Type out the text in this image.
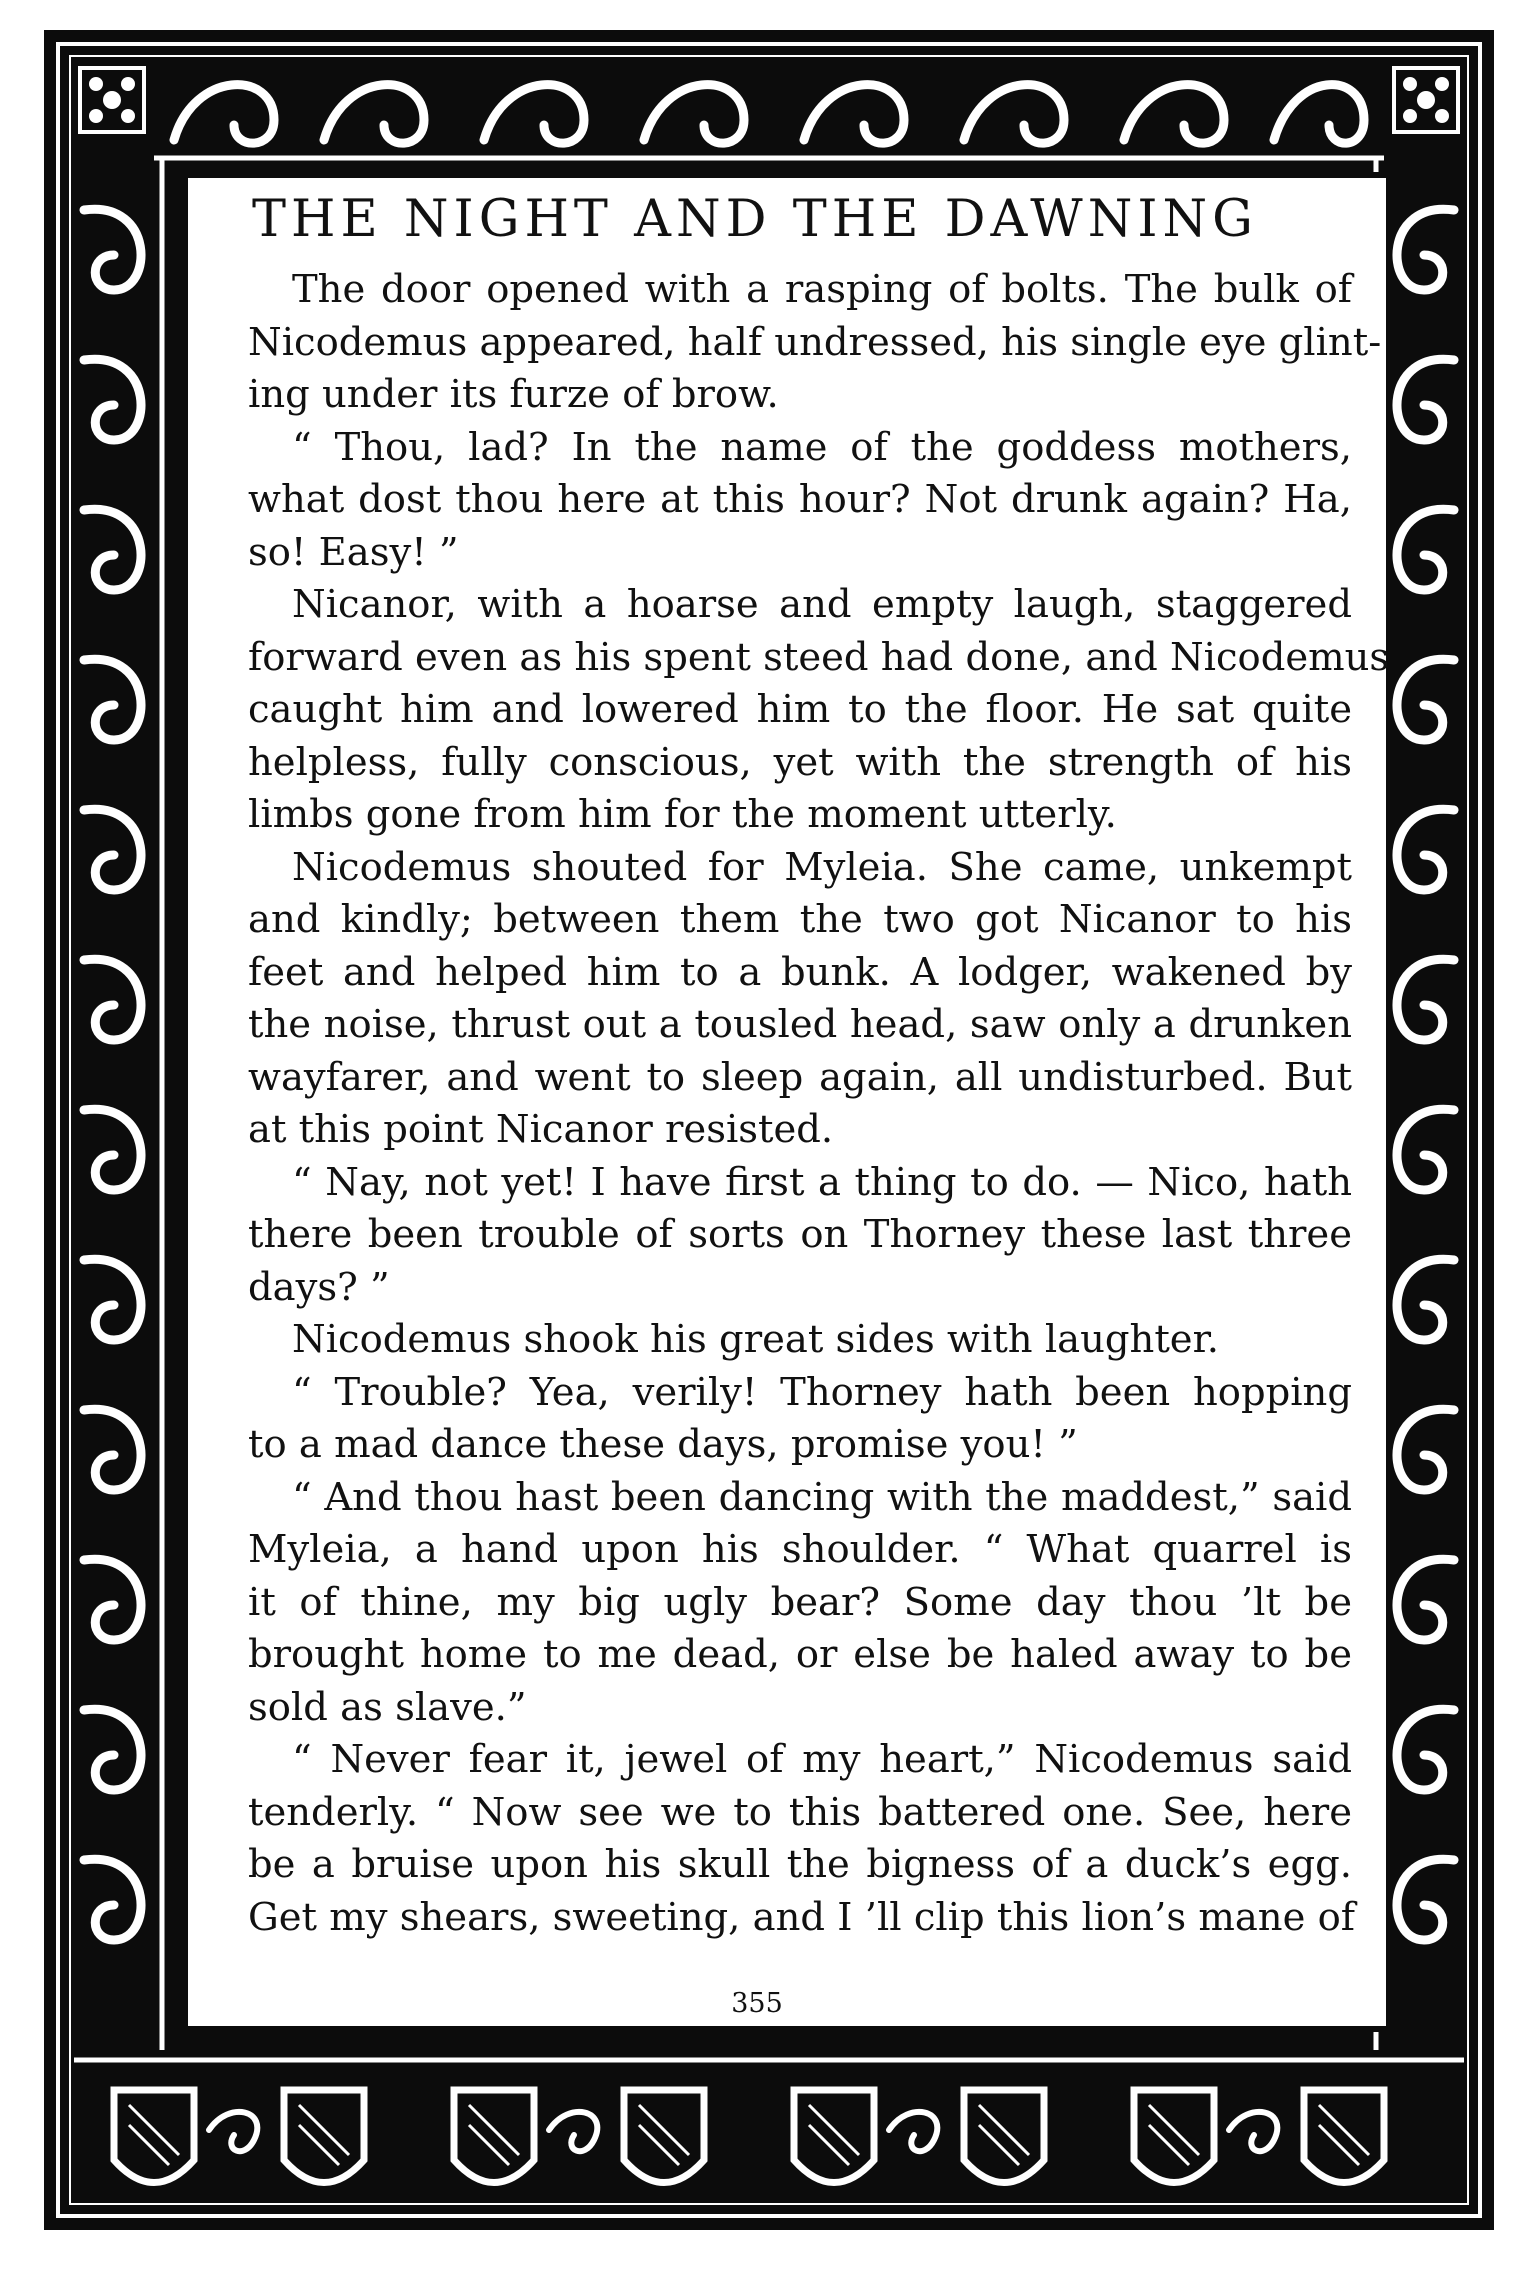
THE NIGHT AND THE DAWNING
The door opened with a rasping of bolts. The bulk of
Nicodemus appeared, half undressed, his single eye glint-
ing under its furze of brow.
“ Thou, lad? In the name of the goddess mothers,
what dost thou here at this hour? Not drunk again? Ha,
so! Easy! ”
Nicanor, with a hoarse and empty laugh, staggered
forward even as his spent steed had done, and Nicodemus
caught him and lowered him to the floor. He sat quite
helpless, fully conscious, yet with the strength of his
limbs gone from him for the moment utterly.
Nicodemus shouted for Myleia. She came, unkempt
and kindly; between them the two got Nicanor to his
feet and helped him to a bunk. A lodger, wakened by
the noise, thrust out a tousled head, saw only a drunken
wayfarer, and went to sleep again, all undisturbed. But
at this point Nicanor resisted.
“ Nay, not yet! I have first a thing to do. — Nico, hath
there been trouble of sorts on Thorney these last three
days? ”
Nicodemus shook his great sides with laughter.
“ Trouble? Yea, verily! Thorney hath been hopping
to a mad dance these days, promise you! ”
“ And thou hast been dancing with the maddest,” said
Myleia, a hand upon his shoulder. “ What quarrel is
it of thine, my big ugly bear? Some day thou ’lt be
brought home to me dead, or else be haled away to be
sold as slave.”
“ Never fear it, jewel of my heart,” Nicodemus said
tenderly. “ Now see we to this battered one. See, here
be a bruise upon his skull the bigness of a duck’s egg.
Get my shears, sweeting, and I ’ll clip this lion’s mane of
355
